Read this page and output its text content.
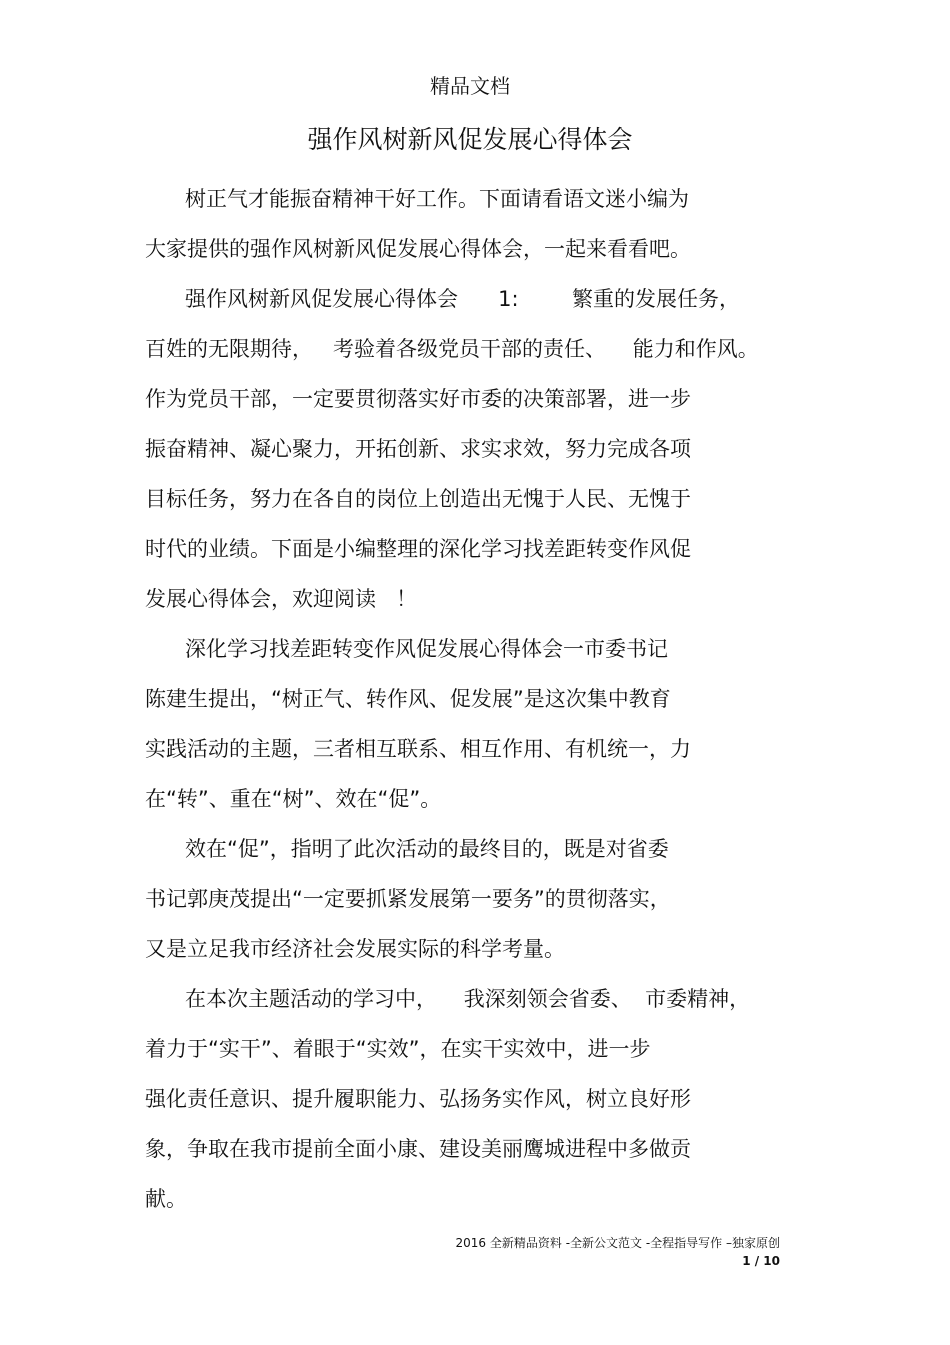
精品文档
强作风树新风促发展心得体会
树正气才能振奋精神干好工作。下面请看语文迷小编为
大家提供的强作风树新风促发展心得体会，一起来看看吧。
强作风树新风促发展心得体会      1:        繁重的发展任务，
百姓的无限期待，   考验着各级党员干部的责任、    能力和作风。
作为党员干部，一定要贯彻落实好市委的决策部署，进一步
振奋精神、凝心聚力，开拓创新、求实求效，努力完成各项
目标任务，努力在各自的岗位上创造出无愧于人民、无愧于
时代的业绩。下面是小编整理的深化学习找差距转变作风促
发展心得体会，欢迎阅读   ！
深化学习找差距转变作风促发展心得体会一市委书记
陈建生提出，“树正气、转作风、促发展”是这次集中教育
实践活动的主题，三者相互联系、相互作用、有机统一，力
在“转”、重在“树”、效在“促”。
效在“促”，指明了此次活动的最终目的，既是对省委
书记郭庚茂提出“一定要抓紧发展第一要务”的贯彻落实，
又是立足我市经济社会发展实际的科学考量。
在本次主题活动的学习中，    我深刻领会省委、  市委精神，
着力于“实干”、着眼于“实效”，在实干实效中，进一步
强化责任意识、提升履职能力、弘扬务实作风，树立良好形
象，争取在我市提前全面小康、建设美丽鹰城进程中多做贡
献。
2016 全新精品资料 -全新公文范文 -全程指导写作 –独家原创
1 / 10
